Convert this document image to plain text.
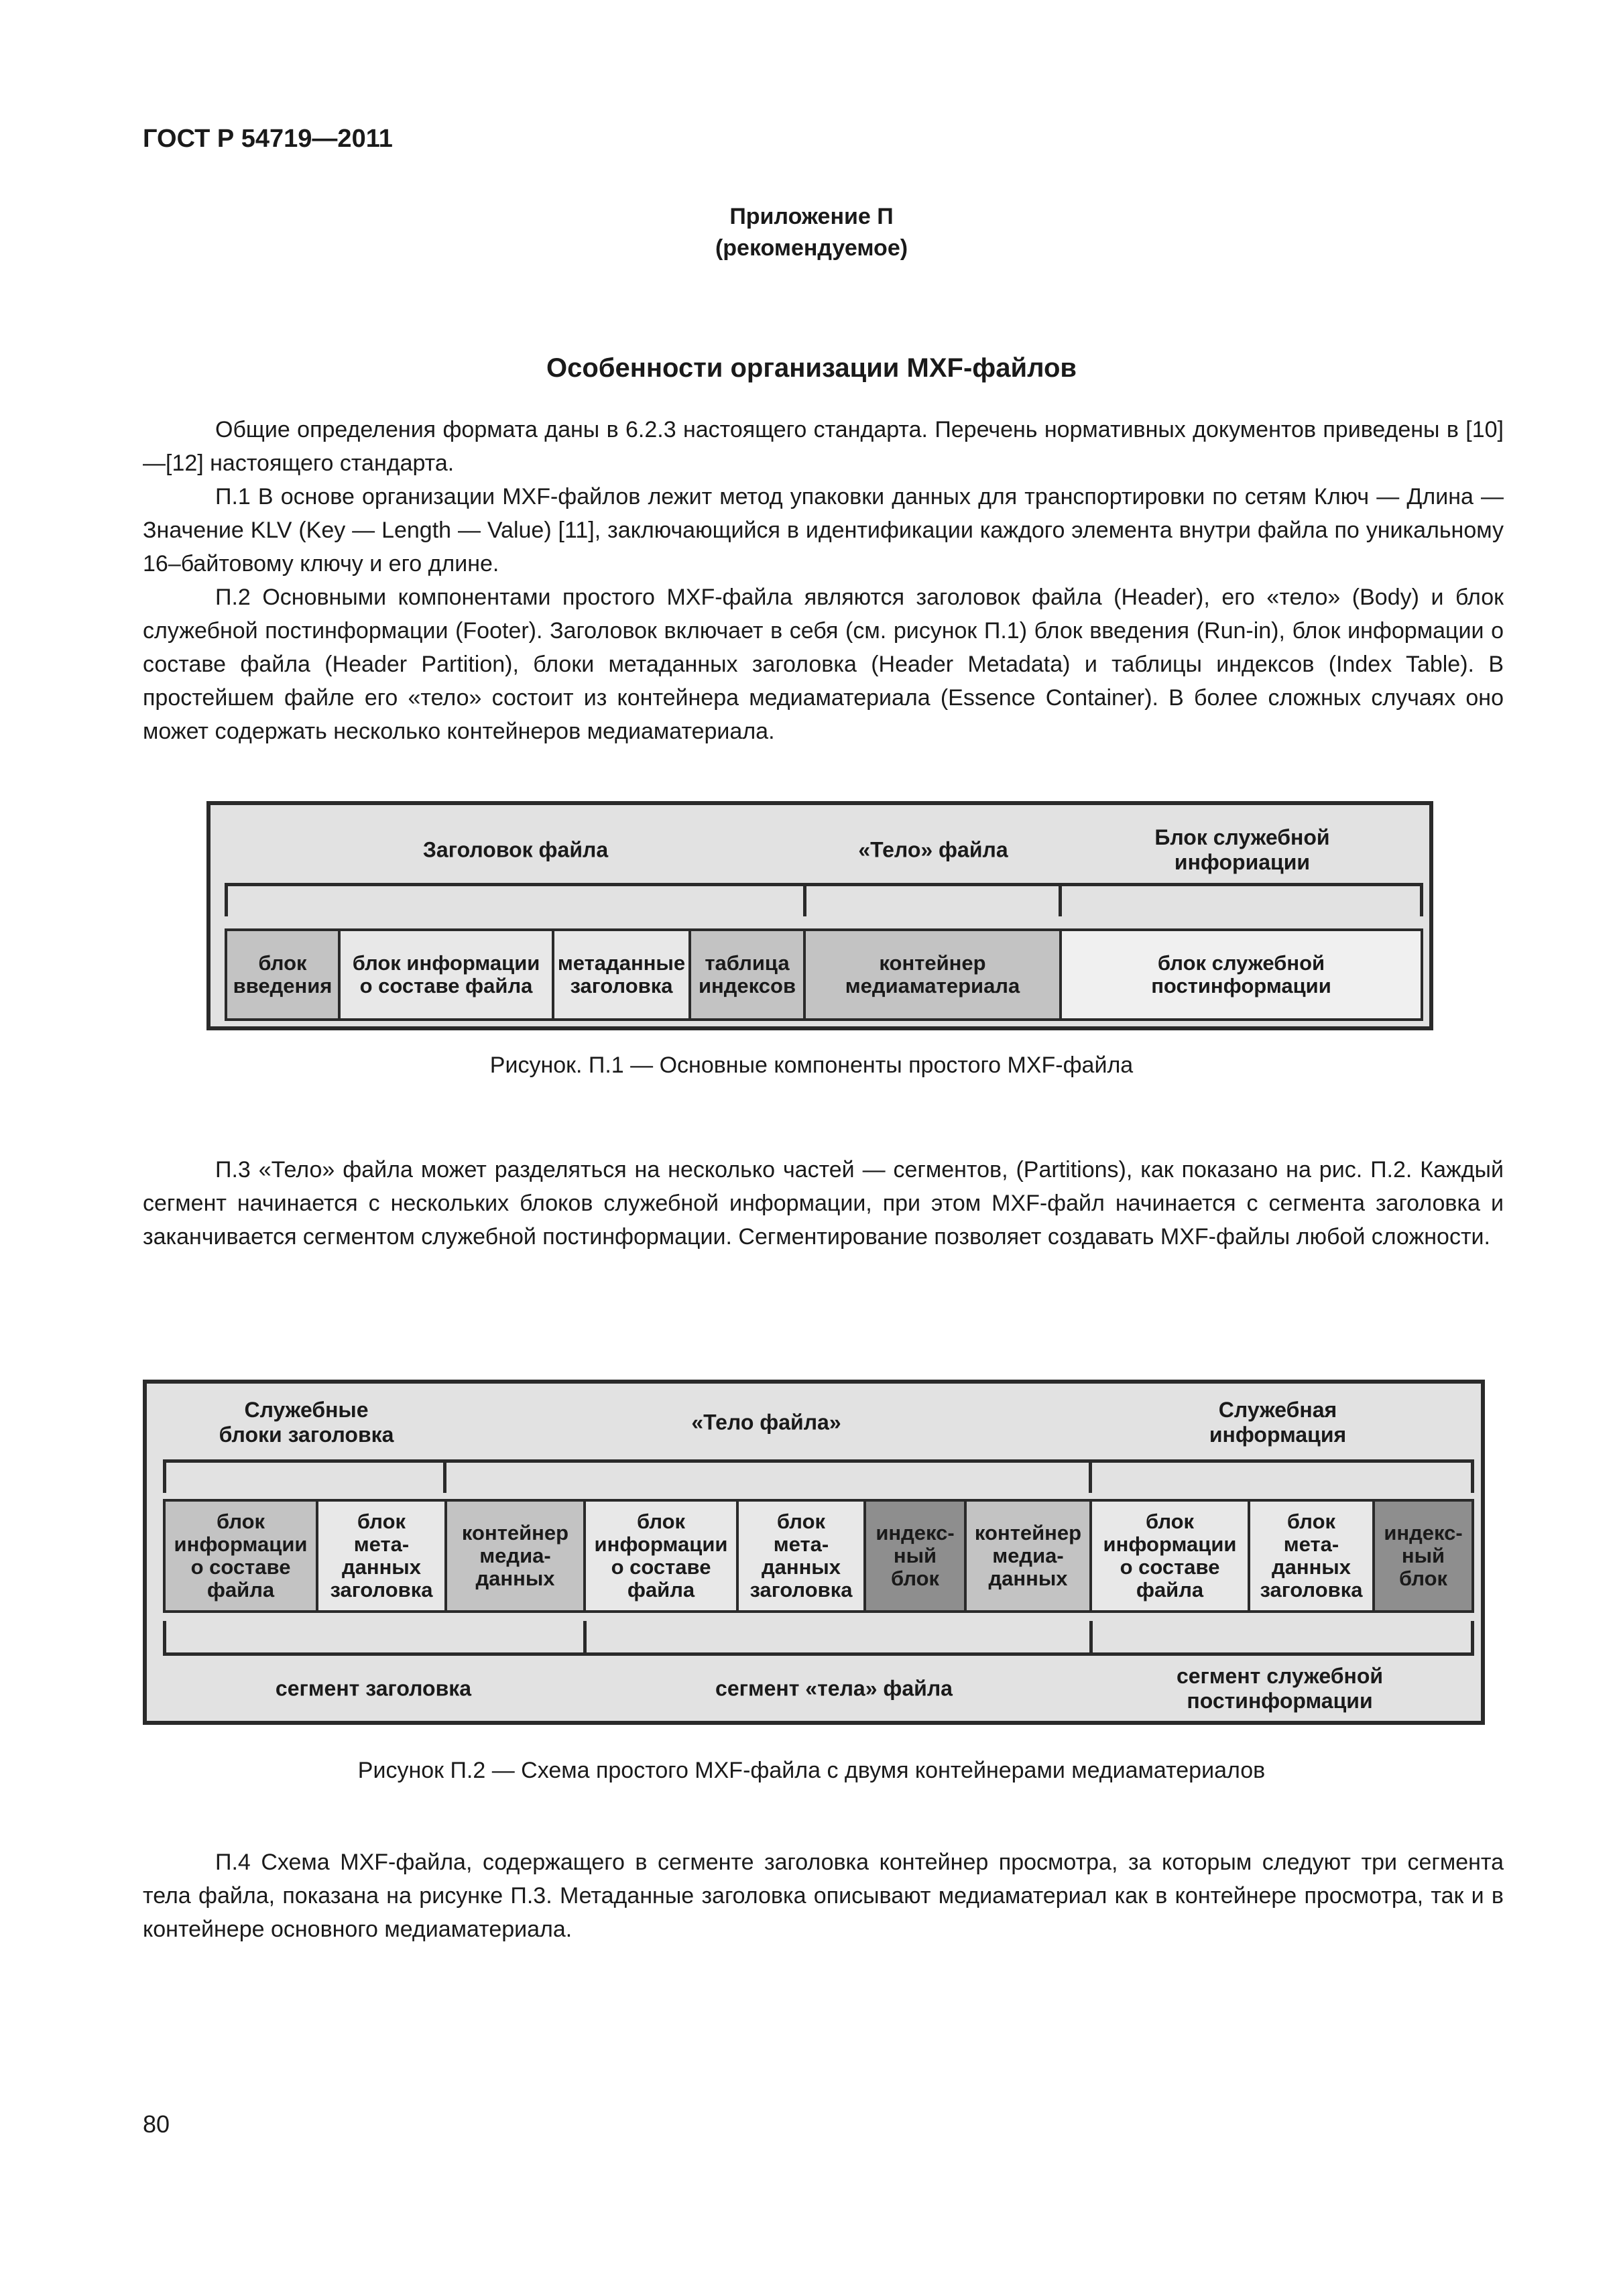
ГОСТ Р 54719—2011
Приложение П
(рекомендуемое)
Особенности организации MXF-файлов
Общие определения формата даны в 6.2.3 настоящего стандарта. Перечень нормативных документов приведены в [10]—[12] настоящего стандарта.
П.1 В основе организации MXF-файлов лежит метод упаковки данных для транспортировки по сетям Ключ — Длина — Значение KLV (Key — Length — Value) [11], заключающийся в идентификации каждого элемента внутри файла по уникальному 16–байтовому ключу и его длине.
П.2 Основными компонентами простого MXF-файла являются заголовок файла (Header), его «тело» (Body) и блок служебной постинформации (Footer). Заголовок включает в себя (см. рисунок П.1) блок введения (Run-in), блок информации о составе файла (Header Partition), блоки метаданных заголовка (Header Metadata) и таблицы индексов (Index Table). В простейшем файле его «тело» состоит из контейнера медиаматериала (Essence Container). В более сложных случаях оно может содержать несколько контейнеров медиаматериала.
Заголовок файла	«Тело» файла
Блок служебной
инфориации
блок
введения
блок информации
о составе файла
метаданные
заголовка
таблица
индексов
контейнер
медиаматериала
блок служебной
постинформации
Рисунок. П.1 — Основные компоненты простого MXF-файла
П.3 «Тело» файла может разделяться на несколько частей — сегментов, (Partitions), как показано на рис. П.2. Каждый сегмент начинается с нескольких блоков служебной информации, при этом MXF-файл начинается с сегмента заголовка и заканчивается сегментом служебной постинформации. Сегментирование позволяет создавать MXF-файлы любой сложности.
Служебные
блоки заголовка
«Тело файла»
Служебная
информация
блок
информации
о составе
файла
блок
мета-
данных
заголовка
контейнер
медиа-
данных
блок
информации
о составе
файла
блок
мета-
данных
заголовка
индекс-
ный
блок
контейнер
медиа-
данных
блок
информации
о составе
файла
блок
мета-
данных
заголовка
индекс-
ный
блок
сегмент заголовка	сегмент «тела» файла
сегмент служебной
постинформации
Рисунок П.2 — Схема простого MXF-файла с двумя контейнерами медиаматериалов
П.4 Схема MXF-файла, содержащего в сегменте заголовка контейнер просмотра, за которым следуют три сегмента тела файла, показана на рисунке П.3. Метаданные заголовка описывают медиаматериал как в контейнере просмотра, так и в контейнере основного медиаматериала.
80
